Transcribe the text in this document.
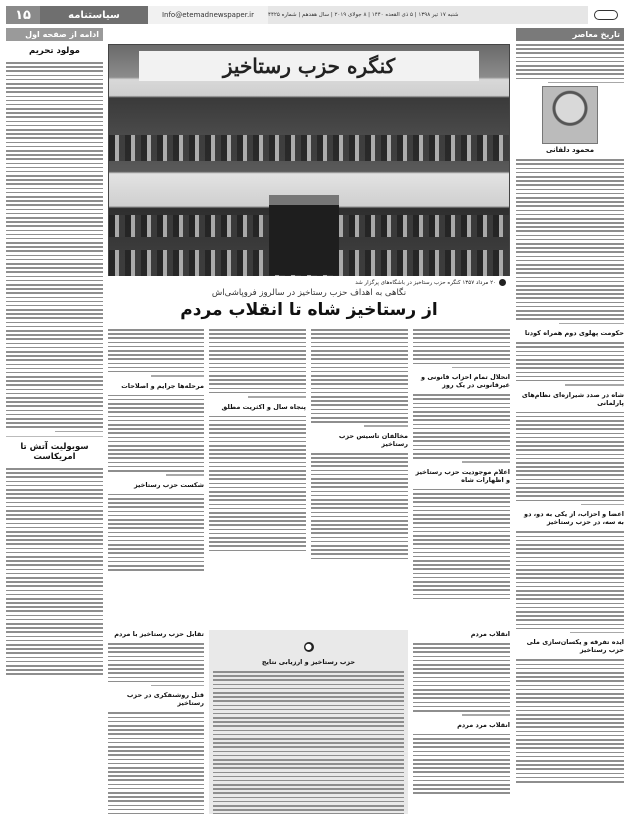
۱۵	سیاستنامه	Info@etemadnewspaper.ir	شنبه ۱۷ تیر ۱۳۹۸ | ۵ ذی القعده ۱۴۴۰ | ۸ جولای ۲۰۱۹ | سال هفدهم | شماره ۴۴۲۵
تاریخ معاصر
محمود دلفانی
حکومت پهلوی دوم همراه کودتا
شاه در صدد شیرازه‌ای نظام‌های پارلمانی
اعضا و احزاب، از یکی به دو، دو به سه، در حزب رستاخیز
ایده تفرقه و یکسان‌سازی ملی حزب رستاخیز
ادامه از صفحه اول
مولود تحریم
سوبولیت آتش تا امریکاست
کنگره حزب رستاخیز
۲۰ مرداد ۱۳۵۷ کنگره حزب رستاخیز در باشگاه‌های پرگزار شد
نگاهی به اهداف حزب رستاخیز در سالروز فروپاشی‌اش
از رستاخیز شاه تا انقلاب مردم
انحلال تمام احزاب قانونی و غیرقانونی در یک روز
اعلام موجودیت حزب رستاخیز و اظهارات شاه
مخالفان تاسیس حزب رستاخیز
پنجاه سال و اکثریت مطلق
مرحله‌ها جرایم و اصلاحات
شکست حزب رستاخیز
انقلاب مردم
انقلاب مرد مردم
●
حزب رستاخیز و ارزیابی نتایج
تقابل حزب رستاخیز با مردم
قتل روشنفکری در حزب رستاخیز
